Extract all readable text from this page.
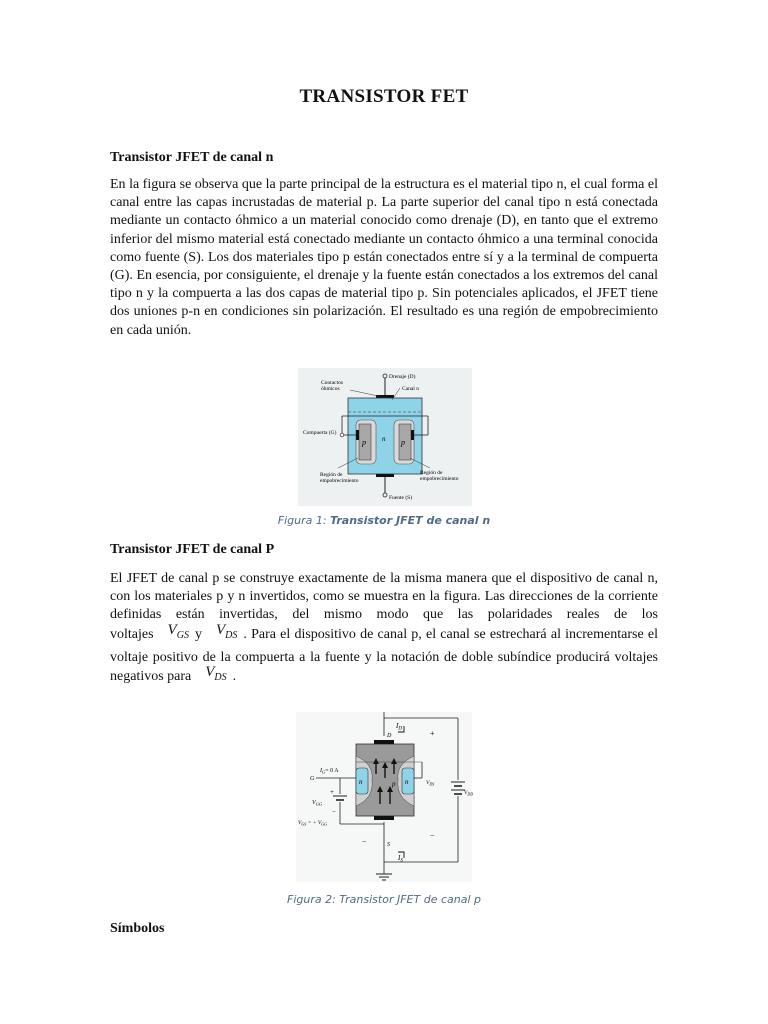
TRANSISTOR FET
Transistor JFET de canal n
En la figura se observa que la parte principal de la estructura es el material tipo n, el cual forma el canal entre las capas incrustadas de material p. La parte superior del canal tipo n está conectada mediante un contacto óhmico a un material conocido como drenaje (D), en tanto que el extremo inferior del mismo material está conectado mediante un contacto óhmico a una terminal conocida como fuente (S). Los dos materiales tipo p están conectados entre sí y a la terminal de compuerta (G). En esencia, por consiguiente, el drenaje y la fuente están conectados a los extremos del canal tipo n y la compuerta a las dos capas de material tipo p. Sin potenciales aplicados, el JFET tiene dos uniones p-n en condiciones sin polarización. El resultado es una región de empobrecimiento en cada unión.
Drenaje (D)
Contactos
óhmicos	Canal n
Compuerta (G)
p	p
n
Región de
empobrecimiento
Región de
empobrecimiento
Fuente (S)
Figura 1: Transistor JFET de canal n
Transistor JFET de canal P
El JFET de canal p se construye exactamente de la misma manera que el dispositivo de canal n, con los materiales p y n invertidos, como se muestra en la figura. Las direcciones de la corriente definidas están invertidas, del mismo modo que las polaridades reales de los voltajes $V_{GS}$ y $V_{DS}$ . Para el dispositivo de canal p, el canal se estrechará al incrementarse el voltaje positivo de la compuerta a la fuente y la notación de doble subíndice producirá voltajes negativos para $V_{DS}$ .
D
$I_D$	+
$I_G= 0$ A
G
+
$V_{GG}$
$V_{GS}$ = + $V_{GG}$
−
n	n
p	$V_{DS}$
$V_{DD}$
−
S
$I_S$
−
Figura 2: Transistor JFET de canal p
Símbolos
